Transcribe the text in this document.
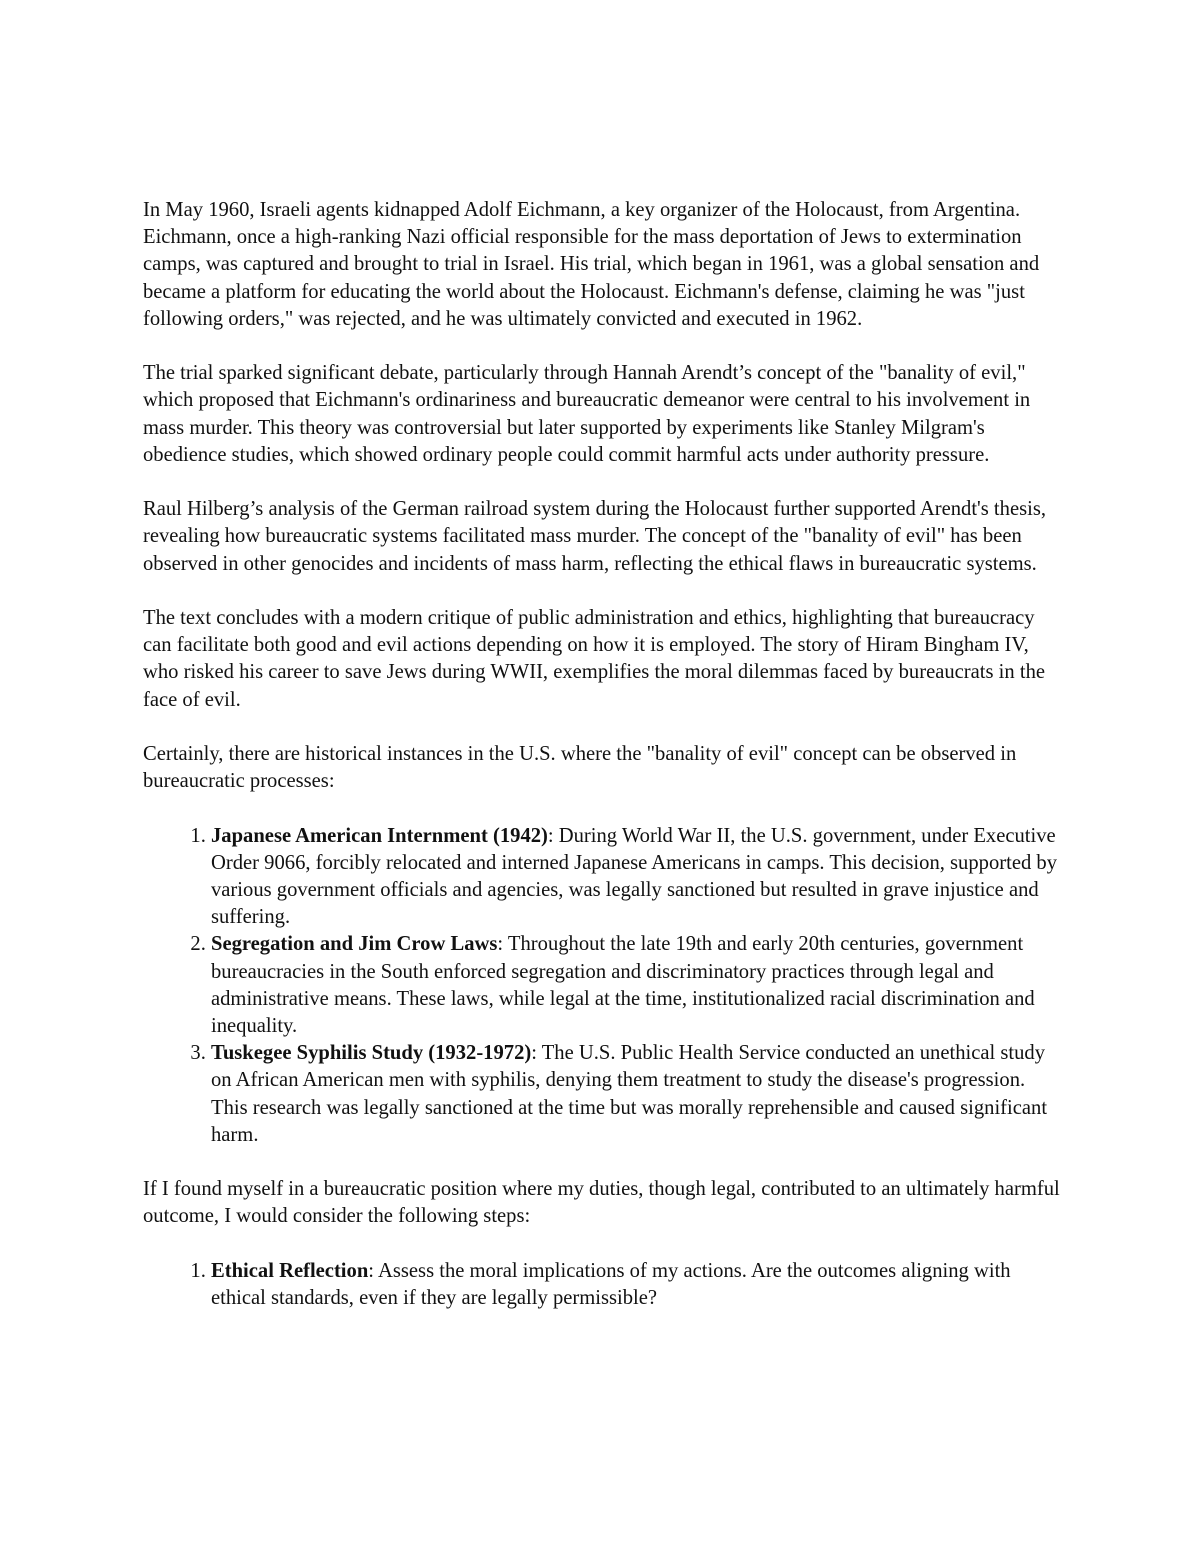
In May 1960, Israeli agents kidnapped Adolf Eichmann, a key organizer of the Holocaust, from Argentina. Eichmann, once a high-ranking Nazi official responsible for the mass deportation of Jews to extermination camps, was captured and brought to trial in Israel. His trial, which began in 1961, was a global sensation and became a platform for educating the world about the Holocaust. Eichmann's defense, claiming he was "just following orders," was rejected, and he was ultimately convicted and executed in 1962.

The trial sparked significant debate, particularly through Hannah Arendt’s concept of the "banality of evil," which proposed that Eichmann's ordinariness and bureaucratic demeanor were central to his involvement in mass murder. This theory was controversial but later supported by experiments like Stanley Milgram's obedience studies, which showed ordinary people could commit harmful acts under authority pressure.

Raul Hilberg’s analysis of the German railroad system during the Holocaust further supported Arendt's thesis, revealing how bureaucratic systems facilitated mass murder. The concept of the "banality of evil" has been observed in other genocides and incidents of mass harm, reflecting the ethical flaws in bureaucratic systems.

The text concludes with a modern critique of public administration and ethics, highlighting that bureaucracy can facilitate both good and evil actions depending on how it is employed. The story of Hiram Bingham IV, who risked his career to save Jews during WWII, exemplifies the moral dilemmas faced by bureaucrats in the face of evil.

Certainly, there are historical instances in the U.S. where the "banality of evil" concept can be observed in bureaucratic processes:

1. Japanese American Internment (1942): During World War II, the U.S. government, under Executive Order 9066, forcibly relocated and interned Japanese Americans in camps. This decision, supported by various government officials and agencies, was legally sanctioned but resulted in grave injustice and suffering.
2. Segregation and Jim Crow Laws: Throughout the late 19th and early 20th centuries, government bureaucracies in the South enforced segregation and discriminatory practices through legal and administrative means. These laws, while legal at the time, institutionalized racial discrimination and inequality.
3. Tuskegee Syphilis Study (1932-1972): The U.S. Public Health Service conducted an unethical study on African American men with syphilis, denying them treatment to study the disease's progression. This research was legally sanctioned at the time but was morally reprehensible and caused significant harm.

If I found myself in a bureaucratic position where my duties, though legal, contributed to an ultimately harmful outcome, I would consider the following steps:

1. Ethical Reflection: Assess the moral implications of my actions. Are the outcomes aligning with ethical standards, even if they are legally permissible?
